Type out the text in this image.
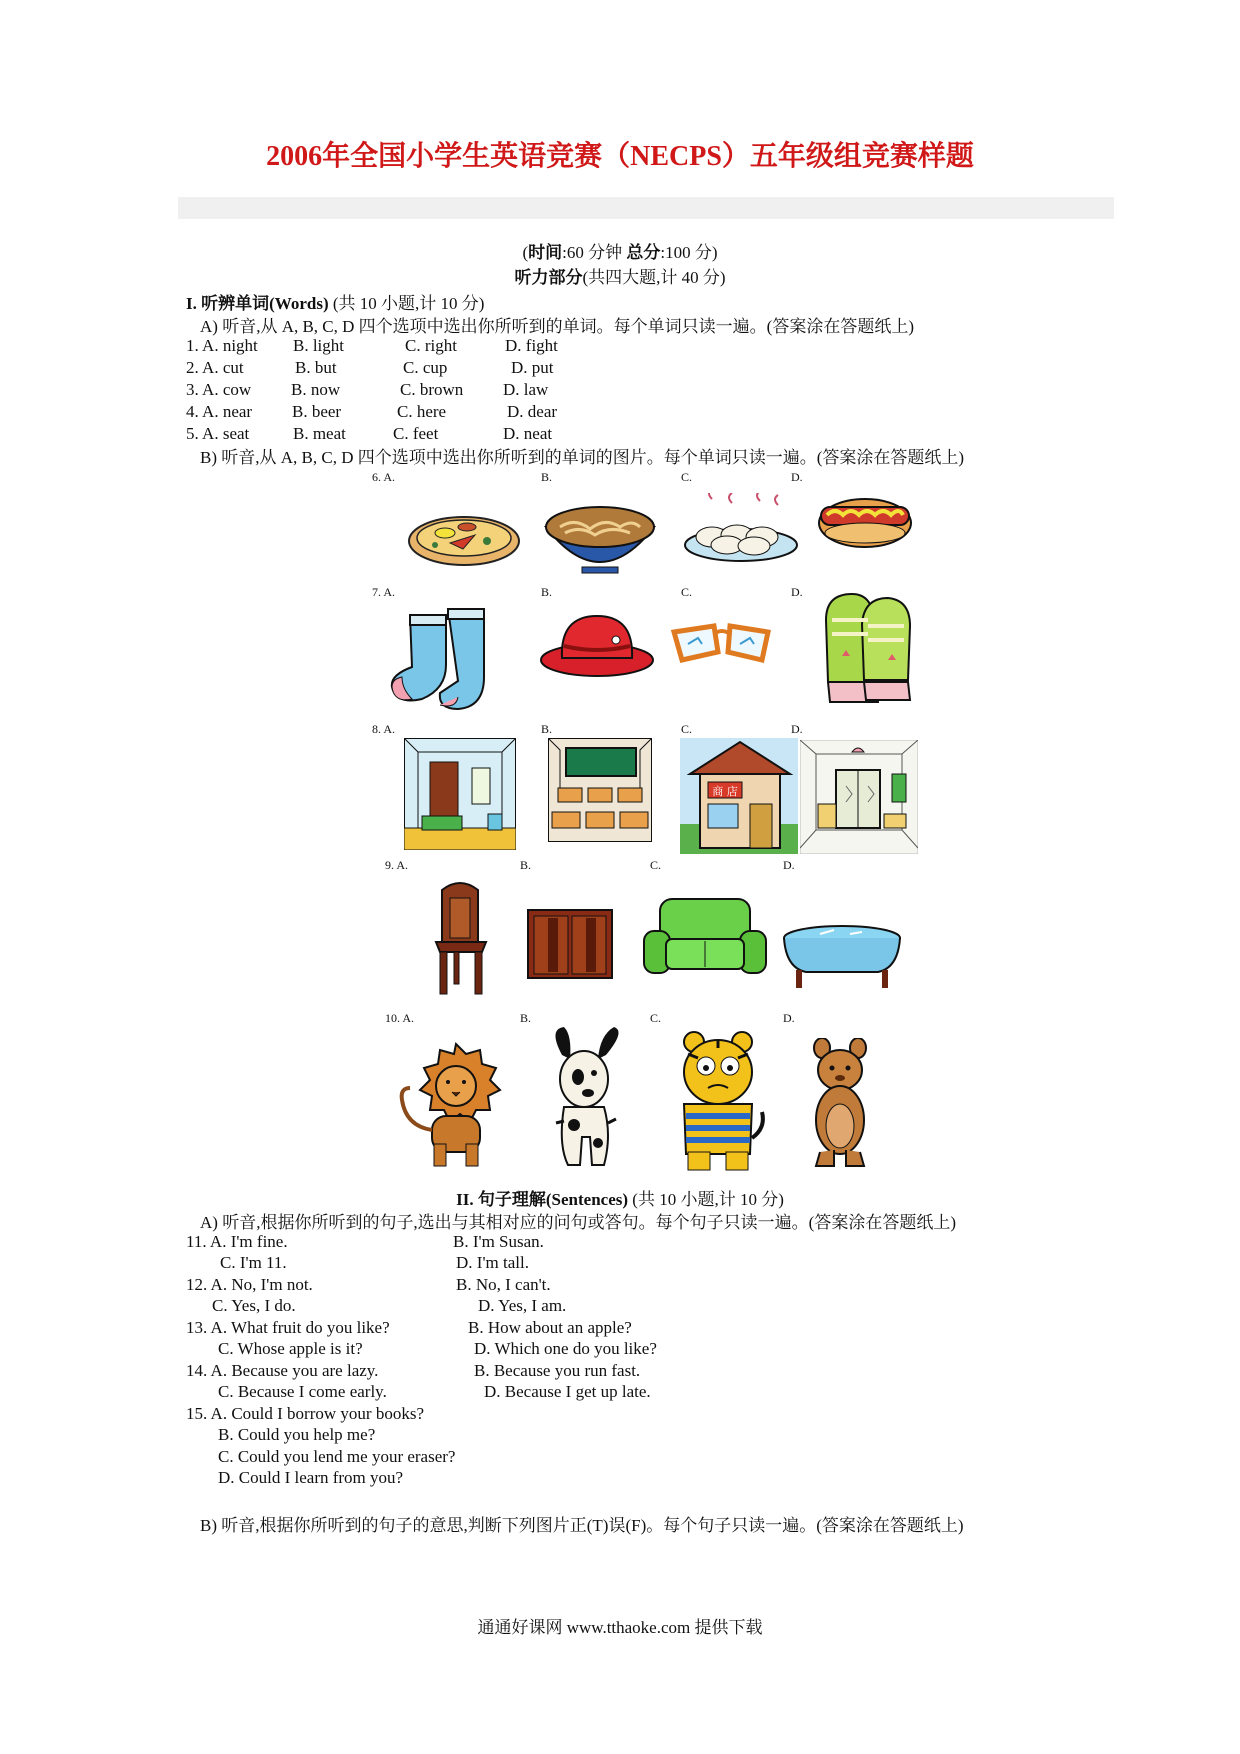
2006年全国小学生英语竞赛（NECPS）五年级组竞赛样题
(时间:60 分钟 总分:100 分)
听力部分(共四大题,计 40 分)
I. 听辨单词(Words) (共 10 小题,计 10 分)
A) 听音,从 A, B, C, D 四个选项中选出你所听到的单词。每个单词只读一遍。(答案涂在答题纸上)
1. A. night B. light	C. right	D. fight
2. A. cut	B. but	C. cup	D. put
3. A. cow B. now	C. brown D. law
4. A. near B. beer	C. here	D. dear
5. A. seat	B. meat	C. feet	D. neat
B) 听音,从 A, B, C, D 四个选项中选出你所听到的单词的图片。每个单词只读一遍。(答案涂在答题纸上)
6. A.	B.	C.	D.
7. A.	B.	C.	D.
8. A.	B.	C.	D.
商 店
9. A.	B.	C.	D.
10. A.	B.	C.	D.
II. 句子理解(Sentences) (共 10 小题,计 10 分)
A) 听音,根据你所听到的句子,选出与其相对应的问句或答句。每个句子只读一遍。(答案涂在答题纸上)
11. A. I'm fine.	B. I'm Susan.
C. I'm 11.	D. I'm tall.
12. A. No, I'm not.	B. No, I can't.
C. Yes, I do.	D. Yes, I am.
13. A. What fruit do you like?	B. How about an apple?
C. Whose apple is it?	D. Which one do you like?
14. A. Because you are lazy.	B. Because you run fast.
C. Because I come early.	D. Because I get up late.
15. A. Could I borrow your books?
B. Could you help me?
C. Could you lend me your eraser?
D. Could I learn from you?
B) 听音,根据你所听到的句子的意思,判断下列图片正(T)误(F)。每个句子只读一遍。(答案涂在答题纸上)
通通好课网 www.tthaoke.com 提供下载
